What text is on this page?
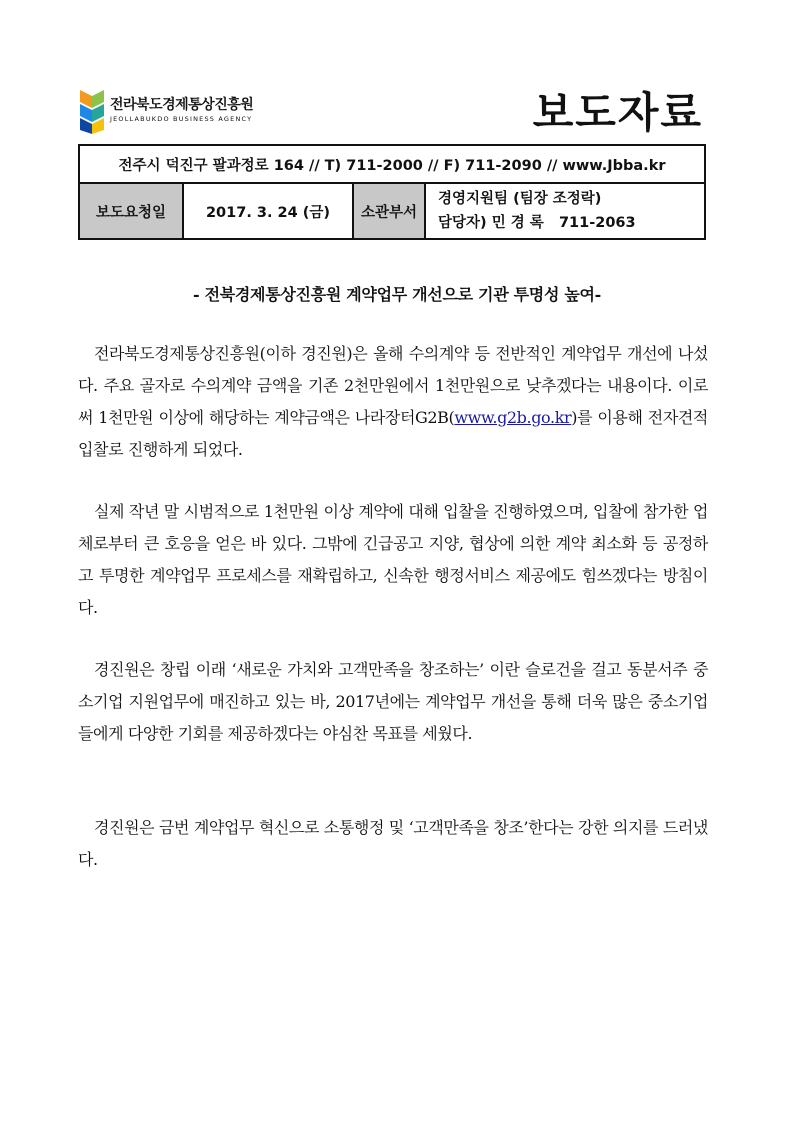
전라북도경제통상진흥원
JEOLLABUKDO BUSINESS AGENCY	보도자료
전주시 덕진구 팔과정로 164 // T) 711-2000 // F) 711-2090 // www.Jbba.kr
보도요청일	2017. 3. 24 (금)	소관부서	
경영지원팀 (팀장 조정락)
담당자) 민 경 록   711-2063
- 전북경제통상진흥원 계약업무 개선으로 기관 투명성 높여-

전라북도경제통상진흥원(이하 경진원)은 올해 수의계약 등 전반적인 계약업무 개선에 나섰다. 주요 골자로 수의계약 금액을 기존 2천만원에서 1천만원으로 낮추겠다는 내용이다. 이로써 1천만원 이상에 해당하는 계약금액은 나라장터G2B(www.g2b.go.kr)를 이용해 전자견적 입찰로 진행하게 되었다.

실제 작년 말 시범적으로 1천만원 이상 계약에 대해 입찰을 진행하였으며, 입찰에 참가한 업체로부터 큰 호응을 얻은 바 있다. 그밖에 긴급공고 지양, 협상에 의한 계약 최소화 등 공정하고 투명한 계약업무 프로세스를 재확립하고, 신속한 행정서비스 제공에도 힘쓰겠다는 방침이다.

경진원은 창립 이래 ‘새로운 가치와 고객만족을 창조하는’ 이란 슬로건을 걸고 동분서주 중소기업 지원업무에 매진하고 있는 바, 2017년에는 계약업무 개선을 통해 더욱 많은 중소기업들에게 다양한 기회를 제공하겠다는 야심찬 목표를 세웠다.

경진원은 금번 계약업무 혁신으로 소통행정 및 ‘고객만족을 창조’한다는 강한 의지를 드러냈다.
